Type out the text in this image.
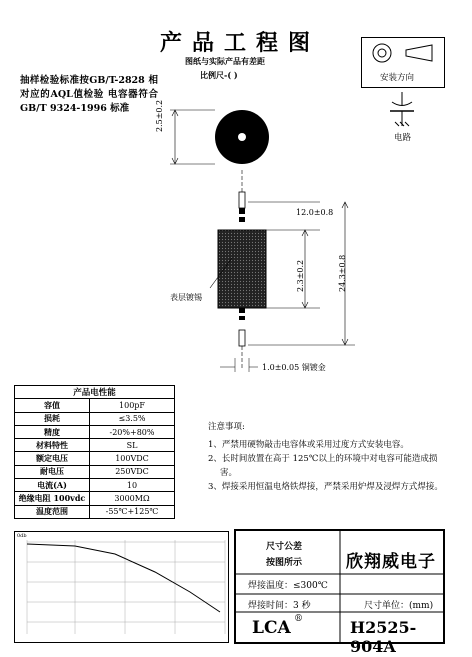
产品工程图
图纸与实际产品有差距
比例尺-( )
抽样检验标准按GB/T-2828 相对应的AQL值检验 电容器符合 GB/T 9324-1996 标准
安装方向
电路
2.5±0.2
12.0±0.8
2.3±0.2	24.3±0.8
表层镀锡
1.0±0.05 铜镀金
产品电性能	
容值	100pF
损耗	≤3.5%
精度	-20%+80%
材料特性	SL
额定电压	100VDC
耐电压	250VDC
电流(A)	10
绝缘电阻 100vdc	3000MΩ
温度范围	-55℃+125℃
注意事项:
1、严禁用硬物敲击电容体或采用过度方式安装电容。
2、长时间放置在高于 125℃以上的环境中对电容可能造成损害。
3、焊接采用恒温电烙铁焊接，严禁采用炉焊及浸焊方式焊接。
0db
尺寸公差
按图所示	欣翔威电子
焊接温度：≤300℃
焊接时间：3 秒	尺寸单位：(mm)
LCA ®	H2525-904A
